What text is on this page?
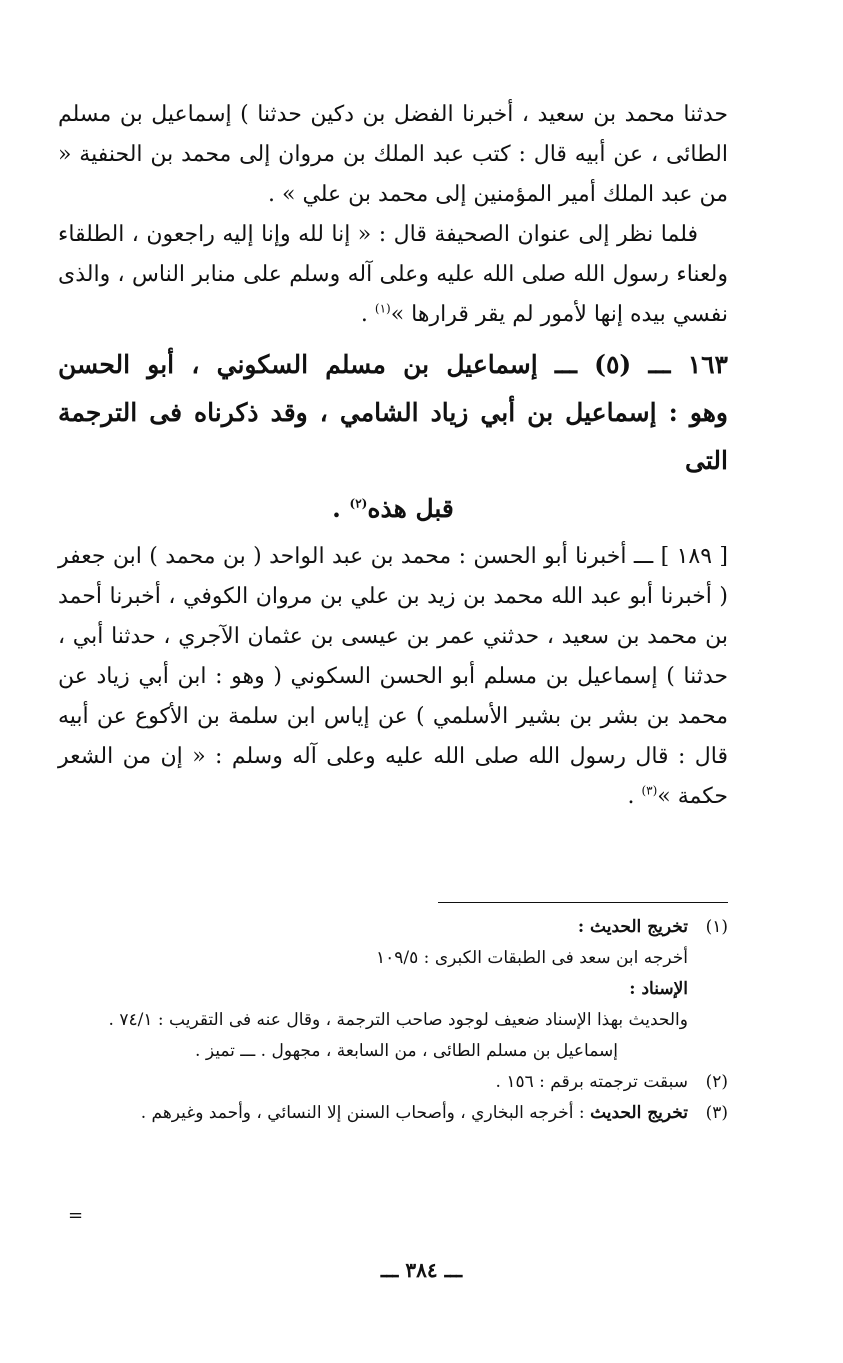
حدثنا محمد بن سعيد ، أخبرنا الفضل بن دكين حدثنا ) إسماعيل بن مسلم الطائى ، عن أبيه قال : كتب عبد الملك بن مروان إلى محمد بن الحنفية « من عبد الملك أمير المؤمنين إلى محمد بن علي » .

فلما نظر إلى عنوان الصحيفة قال : « إنا لله وإنا إليه راجعون ، الطلقاء ولعناء رسول الله صلى الله عليه وعلى آله وسلم على منابر الناس ، والذى نفسي بيده إنها لأمور لم يقر قرارها »$^{(١)}$ .

١٦٣ ـــ (٥) ـــ إسماعيل بن مسلم السكوني ، أبو الحسن
وهو : إسماعيل بن أبي زياد الشامي ، وقد ذكرناه فى الترجمة التى
قبل هذه$^{(٢)}$ .

[ ١٨٩ ] ـــ أخبرنا أبو الحسن : محمد بن عبد الواحد ( بن محمد ) ابن جعفر ( أخبرنا أبو عبد الله محمد بن زيد بن علي بن مروان الكوفي ، أخبرنا أحمد بن محمد بن سعيد ، حدثني عمر بن عيسى بن عثمان الآجري ، حدثنا أبي ، حدثنا ) إسماعيل بن مسلم أبو الحسن السكوني ( وهو : ابن أبي زياد عن محمد بن بشر بن بشير الأسلمي ) عن إياس ابن سلمة بن الأكوع عن أبيه قال : قال رسول الله صلى الله عليه وعلى آله وسلم : « إن من الشعر حكمة »$^{(٣)}$ .

(١)
تخريج الحديث :
أخرجه ابن سعد فى الطبقات الكبرى : ١٠٩/٥
الإسناد :
والحديث بهذا الإسناد ضعيف لوجود صاحب الترجمة ، وقال عنه فى التقريب : ٧٤/١ .
إسماعيل بن مسلم الطائى ، من السابعة ، مجهول . ـــ تميز .
(٢)
سبقت ترجمته برقم : ١٥٦ .
(٣)
تخريج الحديث : أخرجه البخاري ، وأصحاب السنن إلا النسائي ، وأحمد وغيرهم .
=
ـــ ٣٨٤ ـــ
